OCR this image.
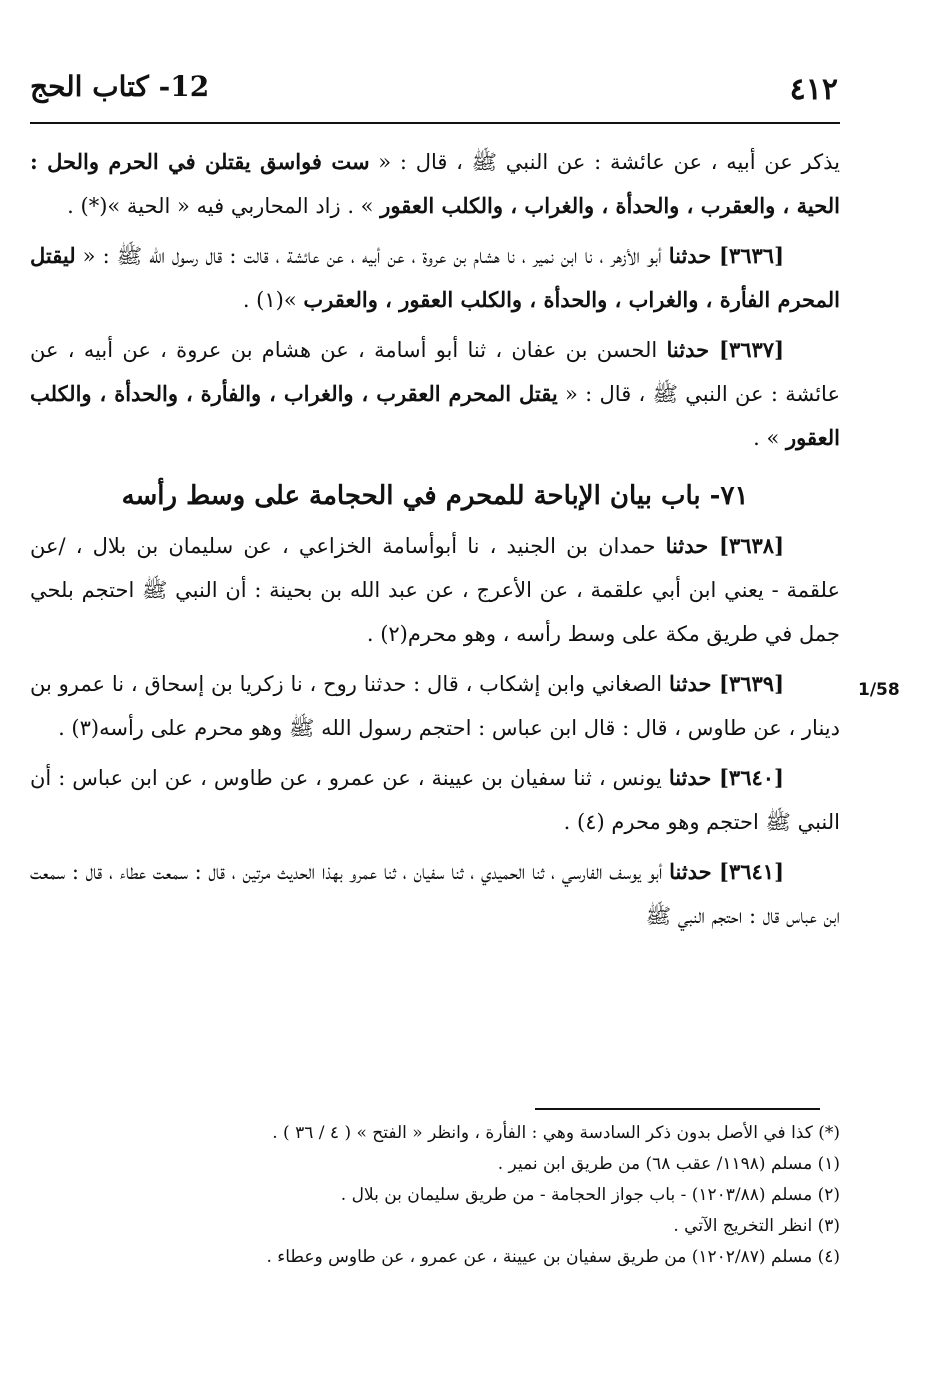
٤١٢
12- كتاب الحج
1/58

يذكر عن أبيه ، عن عائشة : عن النبي ﷺ ، قال : « ست فواسق يقتلن في الحرم والحل : الحية ، والعقرب ، والحدأة ، والغراب ، والكلب العقور » . زاد المحاربي فيه « الحية »(*) .

[٣٦٣٦] حدثنا أبو الأزهر ، نا ابن نمير ، نا هشام بن عروة ، عن أبيه ، عن عائشة ، قالت : قال رسول الله ﷺ : « ليقتل المحرم الفأرة ، والغراب ، والحدأة ، والكلب العقور ، والعقرب »(١) .

[٣٦٣٧] حدثنا الحسن بن عفان ، ثنا أبو أسامة ، عن هشام بن عروة ، عن أبيه ، عن عائشة : عن النبي ﷺ ، قال : « يقتل المحرم العقرب ، والغراب ، والفأرة ، والحدأة ، والكلب العقور » .

٧١- باب بيان الإباحة للمحرم في الحجامة على وسط رأسه

[٣٦٣٨] حدثنا حمدان بن الجنيد ، نا أبوأسامة الخزاعي ، عن سليمان بن بلال ، /عن علقمة - يعني ابن أبي علقمة ، عن الأعرج ، عن عبد الله بن بحينة : أن النبي ﷺ احتجم بلحي جمل في طريق مكة على وسط رأسه ، وهو محرم(٢) .

[٣٦٣٩] حدثنا الصغاني وابن إشكاب ، قال : حدثنا روح ، نا زكريا بن إسحاق ، نا عمرو بن دينار ، عن طاوس ، قال : قال ابن عباس : احتجم رسول الله ﷺ وهو محرم على رأسه(٣) .

[٣٦٤٠] حدثنا يونس ، ثنا سفيان بن عيينة ، عن عمرو ، عن طاوس ، عن ابن عباس : أن النبي ﷺ احتجم وهو محرم (٤) .

[٣٦٤١] حدثنا أبو يوسف الفارسي ، ثنا الحميدي ، ثنا سفيان ، ثنا عمرو بهذا الحديث مرتين ، قال : سمعت عطاء ، قال : سمعت ابن عباس قال : احتجم النبي ﷺ

(*) كذا في الأصل بدون ذكر السادسة وهي : الفأرة ، وانظر « الفتح » ( ٤ / ٣٦ ) .

(١) مسلم (١١٩٨/ عقب ٦٨) من طريق ابن نمير .

(٢) مسلم (١٢٠٣/٨٨) - باب جواز الحجامة - من طريق سليمان بن بلال .

(٣) انظر التخريج الآتي .

(٤) مسلم (١٢٠٢/٨٧) من طريق سفيان بن عيينة ، عن عمرو ، عن طاوس وعطاء .
